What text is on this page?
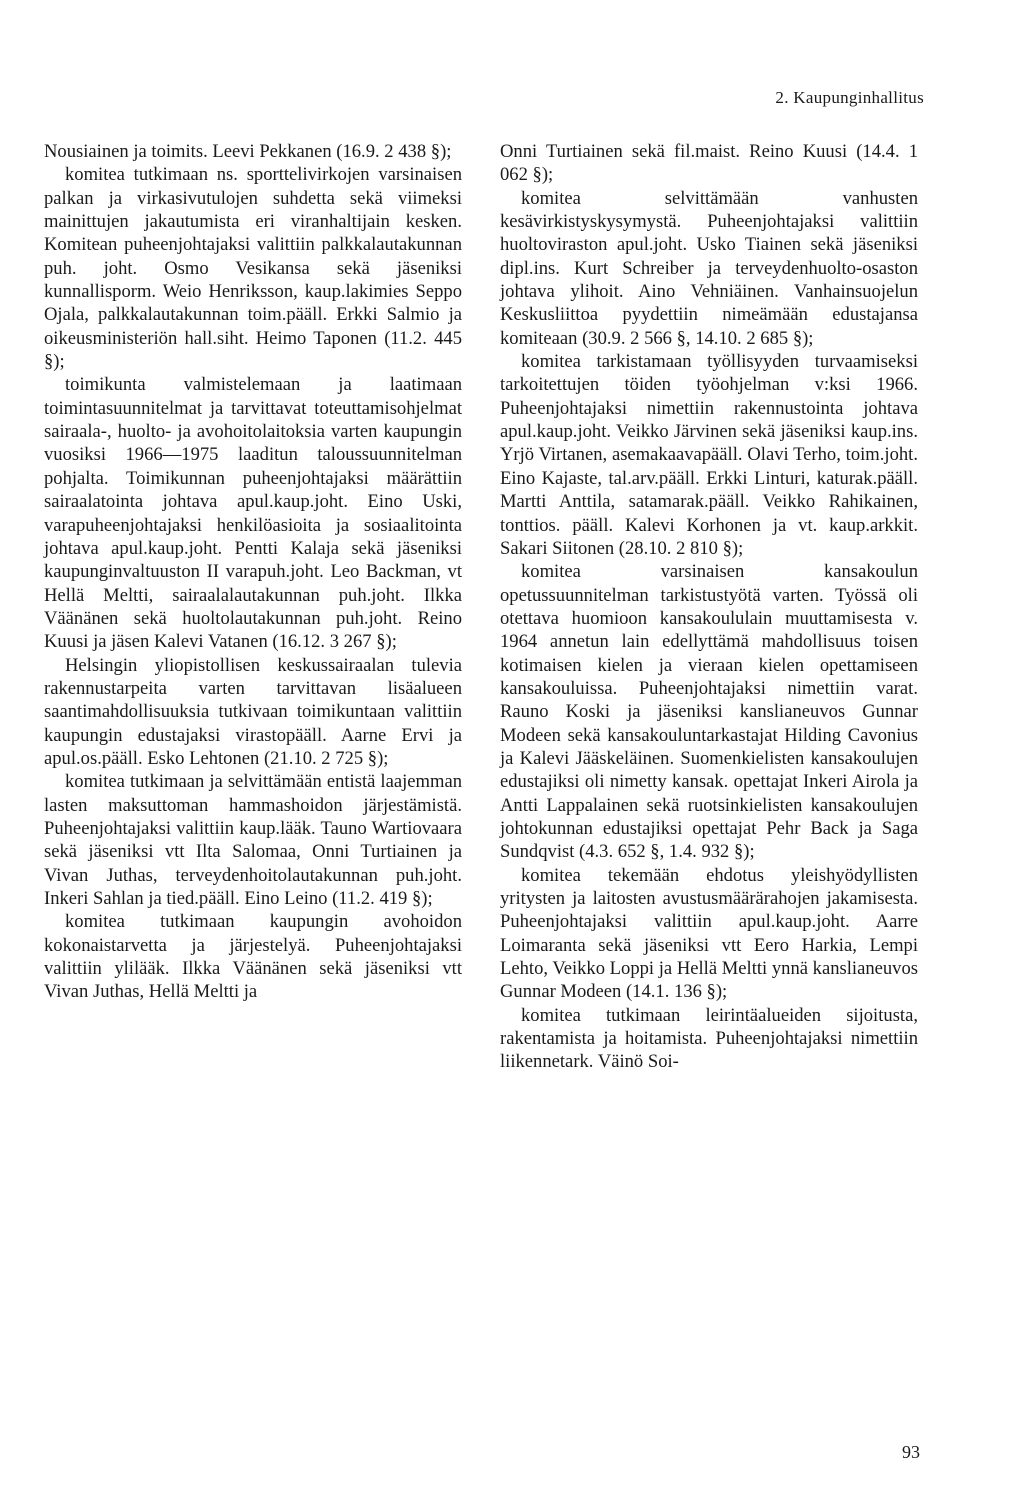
2. Kaupunginhallitus

Nousiainen ja toimits. Leevi Pekkanen (16.9. 2 438 §);

komitea tutkimaan ns. sporttelivirkojen varsinaisen palkan ja virkasivutulojen suhdetta sekä viimeksi mainittujen jakautumista eri viranhaltijain kesken. Komitean puheenjohtajaksi valittiin palkkalautakunnan puh. joht. Osmo Vesikansa sekä jäseniksi kunnallisporm. Weio Henriksson, kaup.lakimies Seppo Ojala, palkkalautakunnan toim.pääll. Erkki Salmio ja oikeusministeriön hall.siht. Heimo Taponen (11.2. 445 §);

toimikunta valmistelemaan ja laatimaan toimintasuunnitelmat ja tarvittavat toteuttamisohjelmat sairaala-, huolto- ja avohoitolaitoksia varten kaupungin vuosiksi 1966—1975 laaditun taloussuunnitelman pohjalta. Toimikunnan puheenjohtajaksi määrättiin sairaalatointa johtava apul.kaup.joht. Eino Uski, varapuheenjohtajaksi henkilöasioita ja sosiaalitointa johtava apul.kaup.joht. Pentti Kalaja sekä jäseniksi kaupunginvaltuuston II varapuh.joht. Leo Backman, vt Hellä Meltti, sairaalalautakunnan puh.joht. Ilkka Väänänen sekä huoltolautakunnan puh.joht. Reino Kuusi ja jäsen Kalevi Vatanen (16.12. 3 267 §);

Helsingin yliopistollisen keskussairaalan tulevia rakennustarpeita varten tarvittavan lisäalueen saantimahdollisuuksia tutkivaan toimikuntaan valittiin kaupungin edustajaksi virastopääll. Aarne Ervi ja apul.os.pääll. Esko Lehtonen (21.10. 2 725 §);

komitea tutkimaan ja selvittämään entistä laajemman lasten maksuttoman hammashoidon järjestämistä. Puheenjohtajaksi valittiin kaup.lääk. Tauno Wartiovaara sekä jäseniksi vtt Ilta Salomaa, Onni Turtiainen ja Vivan Juthas, terveydenhoitolautakunnan puh.joht. Inkeri Sahlan ja tied.pääll. Eino Leino (11.2. 419 §);

komitea tutkimaan kaupungin avohoidon kokonaistarvetta ja järjestelyä. Puheenjohtajaksi valittiin ylilääk. Ilkka Väänänen sekä jäseniksi vtt Vivan Juthas, Hellä Meltti ja

Onni Turtiainen sekä fil.maist. Reino Kuusi (14.4. 1 062 §);

komitea selvittämään vanhusten kesävirkistyskysymystä. Puheenjohtajaksi valittiin huoltoviraston apul.joht. Usko Tiainen sekä jäseniksi dipl.ins. Kurt Schreiber ja terveydenhuolto-osaston johtava ylihoit. Aino Vehniäinen. Vanhainsuojelun Keskusliittoa pyydettiin nimeämään edustajansa komiteaan (30.9. 2 566 §, 14.10. 2 685 §);

komitea tarkistamaan työllisyyden turvaamiseksi tarkoitettujen töiden työohjelman v:ksi 1966. Puheenjohtajaksi nimettiin rakennustointa johtava apul.kaup.joht. Veikko Järvinen sekä jäseniksi kaup.ins. Yrjö Virtanen, asemakaavapääll. Olavi Terho, toim.joht. Eino Kajaste, tal.arv.pääll. Erkki Linturi, katurak.pääll. Martti Anttila, satamarak.pääll. Veikko Rahikainen, tonttios. pääll. Kalevi Korhonen ja vt. kaup.arkkit. Sakari Siitonen (28.10. 2 810 §);

komitea varsinaisen kansakoulun opetussuunnitelman tarkistustyötä varten. Työssä oli otettava huomioon kansakoululain muuttamisesta v. 1964 annetun lain edellyttämä mahdollisuus toisen kotimaisen kielen ja vieraan kielen opettamiseen kansakouluissa. Puheenjohtajaksi nimettiin varat. Rauno Koski ja jäseniksi kanslianeuvos Gunnar Modeen sekä kansakouluntarkastajat Hilding Cavonius ja Kalevi Jääskeläinen. Suomenkielisten kansakoulujen edustajiksi oli nimetty kansak. opettajat Inkeri Airola ja Antti Lappalainen sekä ruotsinkielisten kansakoulujen johtokunnan edustajiksi opettajat Pehr Back ja Saga Sundqvist (4.3. 652 §, 1.4. 932 §);

komitea tekemään ehdotus yleishyödyllisten yritysten ja laitosten avustusmäärärahojen jakamisesta. Puheenjohtajaksi valittiin apul.kaup.joht. Aarre Loimaranta sekä jäseniksi vtt Eero Harkia, Lempi Lehto, Veikko Loppi ja Hellä Meltti ynnä kanslianeuvos Gunnar Modeen (14.1. 136 §);

komitea tutkimaan leirintäalueiden sijoitusta, rakentamista ja hoitamista. Puheenjohtajaksi nimettiin liikennetark. Väinö Soi-

93
